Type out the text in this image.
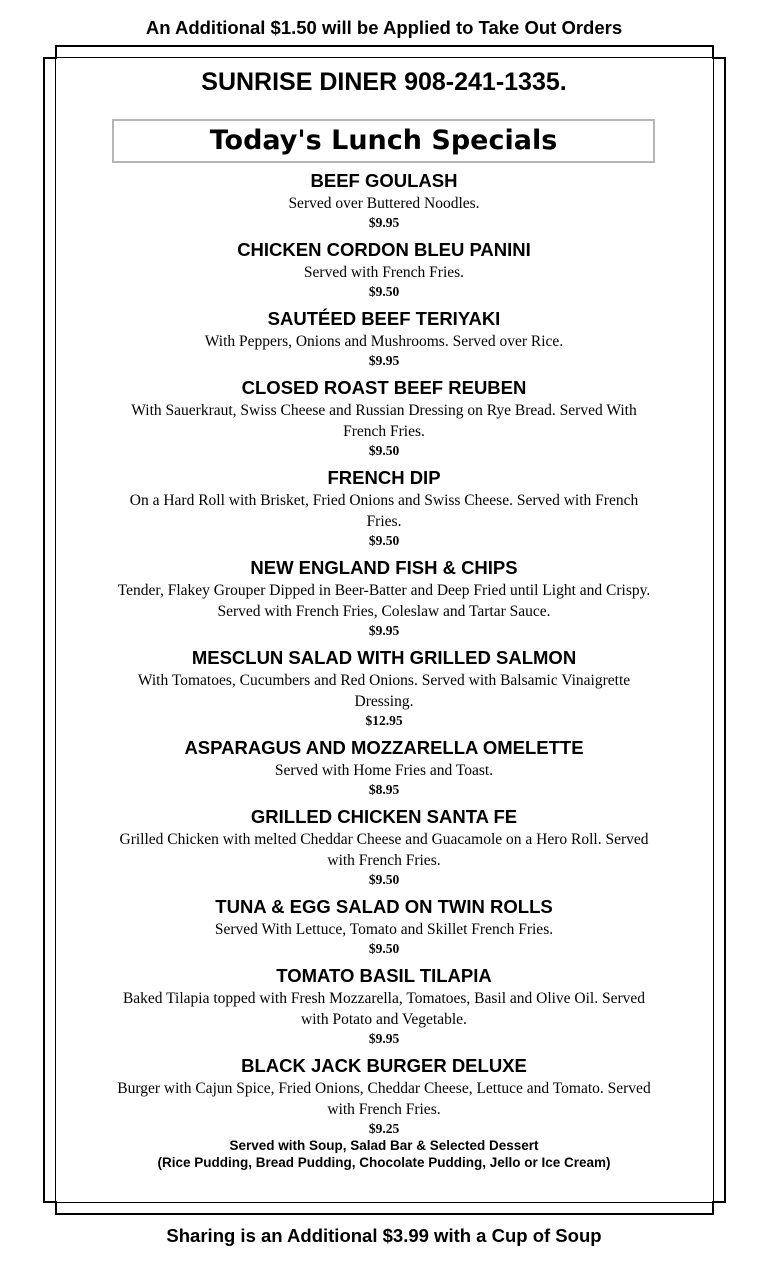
An Additional $1.50 will be Applied to Take Out Orders
SUNRISE DINER 908-241-1335.
Today's Lunch Specials
BEEF GOULASH
Served over Buttered Noodles.
$9.95
CHICKEN CORDON BLEU PANINI
Served with French Fries.
$9.50
SAUTÉED BEEF TERIYAKI
With Peppers, Onions and Mushrooms. Served over Rice.
$9.95
CLOSED ROAST BEEF REUBEN
With Sauerkraut, Swiss Cheese and Russian Dressing on Rye Bread. Served With French Fries.
$9.50
FRENCH DIP
On a Hard Roll with Brisket, Fried Onions and Swiss Cheese. Served with French Fries.
$9.50
NEW ENGLAND FISH & CHIPS
Tender, Flakey Grouper Dipped in Beer-Batter and Deep Fried until Light and Crispy. Served with French Fries, Coleslaw and Tartar Sauce.
$9.95
MESCLUN SALAD WITH GRILLED SALMON
With Tomatoes, Cucumbers and Red Onions. Served with Balsamic Vinaigrette Dressing.
$12.95
ASPARAGUS AND MOZZARELLA OMELETTE
Served with Home Fries and Toast.
$8.95
GRILLED CHICKEN SANTA FE
Grilled Chicken with melted Cheddar Cheese and Guacamole on a Hero Roll. Served with French Fries.
$9.50
TUNA & EGG SALAD ON TWIN ROLLS
Served With Lettuce, Tomato and Skillet French Fries.
$9.50
TOMATO BASIL TILAPIA
Baked Tilapia topped with Fresh Mozzarella, Tomatoes, Basil and Olive Oil. Served with Potato and Vegetable.
$9.95
BLACK JACK BURGER DELUXE
Burger with Cajun Spice, Fried Onions, Cheddar Cheese, Lettuce and Tomato. Served with French Fries.
$9.25
Served with Soup, Salad Bar & Selected Dessert
(Rice Pudding, Bread Pudding, Chocolate Pudding, Jello or Ice Cream)
Sharing is an Additional $3.99 with a Cup of Soup
